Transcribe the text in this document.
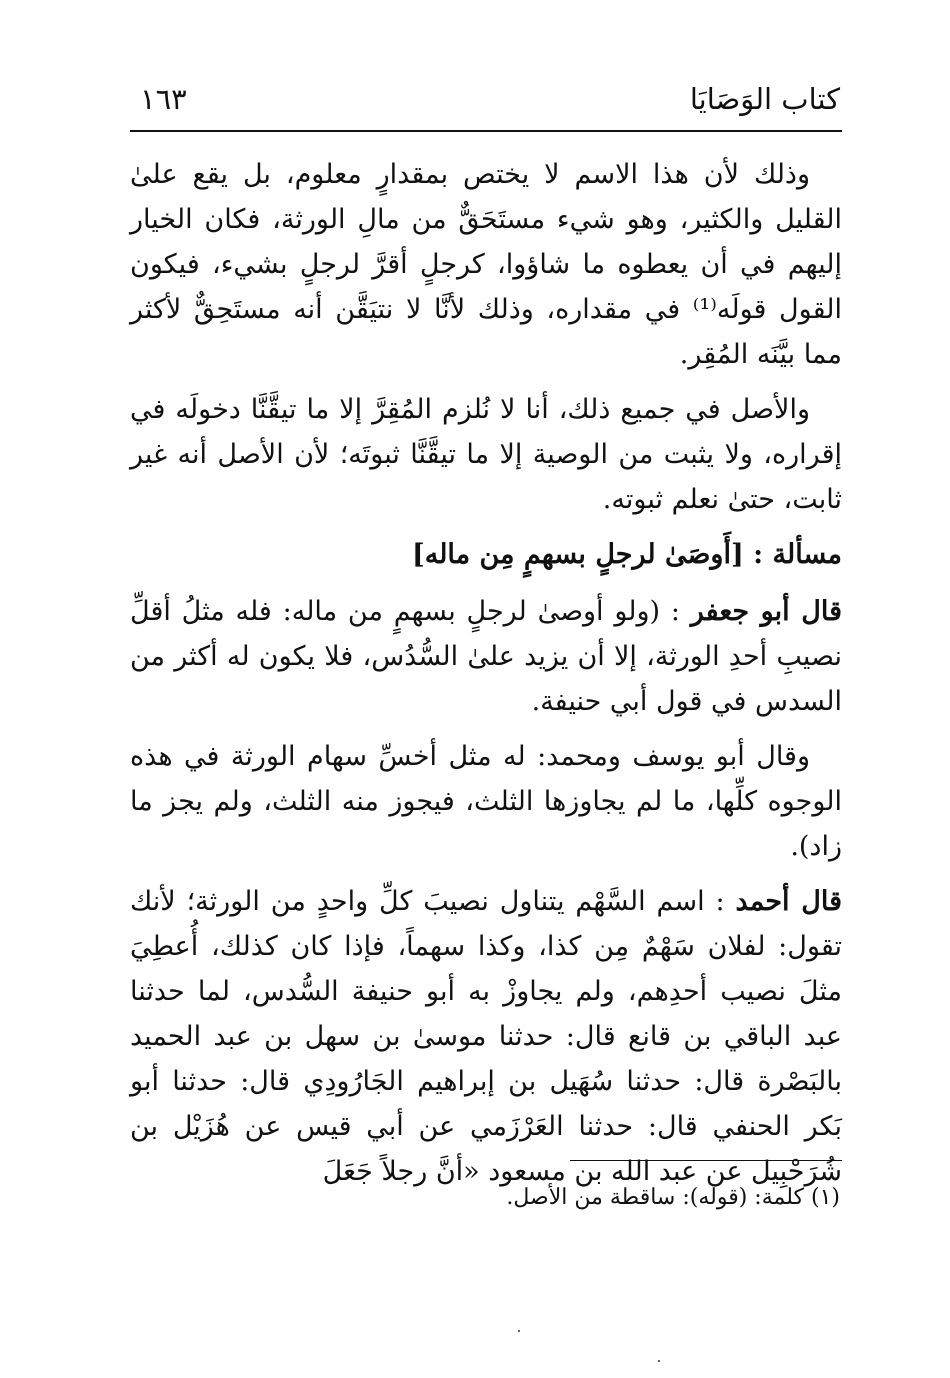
كتاب الوَصَايَا
١٦٣

وذلك لأن هذا الاسم لا يختص بمقدارٍ معلوم، بل يقع علىٰ القليل والكثير، وهو شيء مستَحَقٌّ من مالِ الورثة، فكان الخيار إليهم في أن يعطوه ما شاؤوا، كرجلٍ أقرَّ لرجلٍ بشيء، فيكون القول قولَه⁽¹⁾ في مقداره، وذلك لأنَّا لا نتيَقَّن أنه مستَحِقٌّ لأكثر مما بيَّنَه المُقِر.

والأصل في جميع ذلك، أنا لا نُلزم المُقِرَّ إلا ما تيقَّنَّا دخولَه في إقراره، ولا يثبت من الوصية إلا ما تيقَّنَّا ثبوتَه؛ لأن الأصل أنه غير ثابت، حتىٰ نعلم ثبوته.

مسألة : [أَوصَىٰ لرجلٍ بسهمٍ مِن ماله]

قال أبو جعفر : (ولو أوصىٰ لرجلٍ بسهمٍ من ماله: فله مثلُ أقلِّ نصيبِ أحدِ الورثة، إلا أن يزيد علىٰ السُّدُس، فلا يكون له أكثر من السدس في قول أبي حنيفة.

وقال أبو يوسف ومحمد: له مثل أخسِّ سهام الورثة في هذه الوجوه كلِّها، ما لم يجاوزها الثلث، فيجوز منه الثلث، ولم يجز ما زاد).

قال أحمد : اسم السَّهْم يتناول نصيبَ كلِّ واحدٍ من الورثة؛ لأنك تقول: لفلان سَهْمٌ مِن كذا، وكذا سهماً، فإذا كان كذلك، أُعطِيَ مثلَ نصيب أحدِهم، ولم يجاوزْ به أبو حنيفة السُّدس، لما حدثنا عبد الباقي بن قانع قال: حدثنا موسىٰ بن سهل بن عبد الحميد بالبَصْرة قال: حدثنا سُهَيل بن إبراهيم الجَارُودِي قال: حدثنا أبو بَكر الحنفي قال: حدثنا العَرْزَمي عن أبي قيس عن هُزَيْل بن شُرَحْبِيل عن عبد الله بن مسعود «أنَّ رجلاً جَعَلَ

(١) كلمة: (قوله): ساقطة من الأصل.
